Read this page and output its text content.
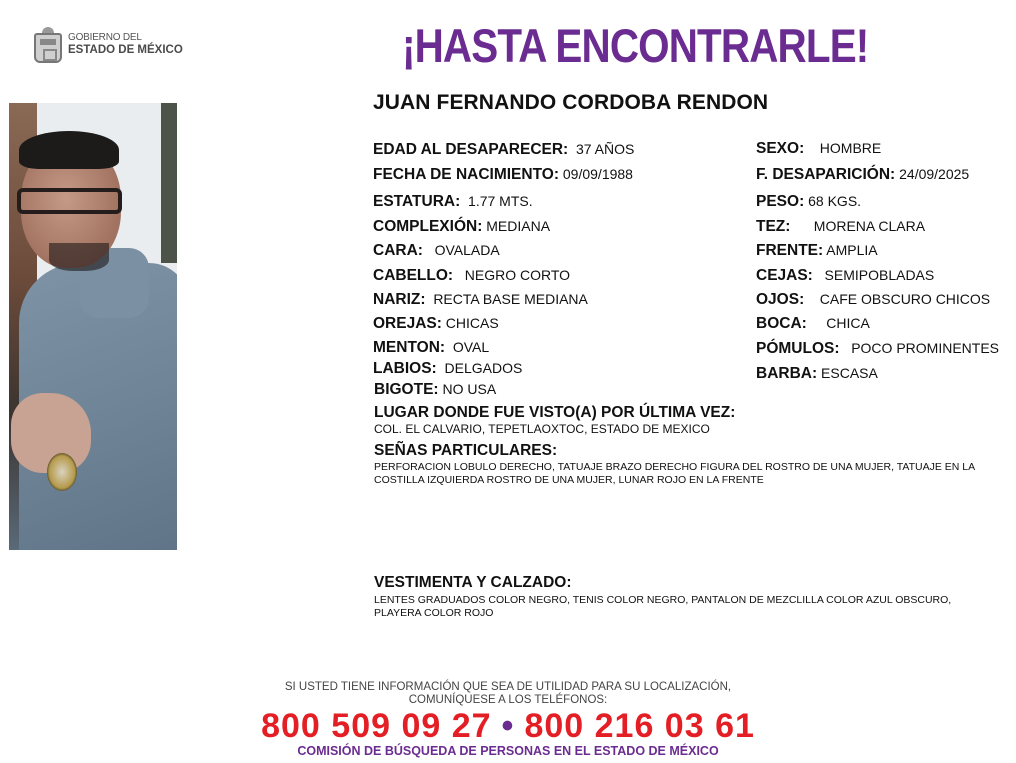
GOBIERNO DEL
ESTADO DE MÉXICO	¡HASTA ENCONTRARLE!
JUAN FERNANDO CORDOBA RENDON
EDAD AL DESAPARECER: 37 AÑOS
FECHA DE NACIMIENTO: 09/09/1988
ESTATURA: 1.77 MTS.
COMPLEXIÓN: MEDIANA
CARA: OVALADA
CABELLO: NEGRO CORTO
NARIZ: RECTA BASE MEDIANA
OREJAS: CHICAS
MENTON: OVAL
LABIOS: DELGADOS
BIGOTE: NO USA
SEXO: HOMBRE
F. DESAPARICIÓN: 24/09/2025
PESO: 68 KGS.
TEZ: MORENA CLARA
FRENTE: AMPLIA
CEJAS: SEMIPOBLADAS
OJOS: CAFE OBSCURO CHICOS
BOCA: CHICA
PÓMULOS: POCO PROMINENTES
BARBA: ESCASA
LUGAR DONDE FUE VISTO(A) POR ÚLTIMA VEZ:
COL. EL CALVARIO, TEPETLAOXTOC, ESTADO DE MEXICO
SEÑAS PARTICULARES:
PERFORACION LOBULO DERECHO, TATUAJE BRAZO DERECHO FIGURA DEL ROSTRO DE UNA MUJER, TATUAJE EN LA COSTILLA IZQUIERDA ROSTRO DE UNA MUJER, LUNAR ROJO EN LA FRENTE
VESTIMENTA Y CALZADO:
LENTES GRADUADOS COLOR NEGRO, TENIS COLOR NEGRO, PANTALON DE MEZCLILLA COLOR AZUL OBSCURO, PLAYERA COLOR ROJO
SI USTED TIENE INFORMACIÓN QUE SEA DE UTILIDAD PARA SU LOCALIZACIÓN,
COMUNÍQUESE A LOS TELÉFONOS:
800 509 09 27 • 800 216 03 61
COMISIÓN DE BÚSQUEDA DE PERSONAS EN EL ESTADO DE MÉXICO
